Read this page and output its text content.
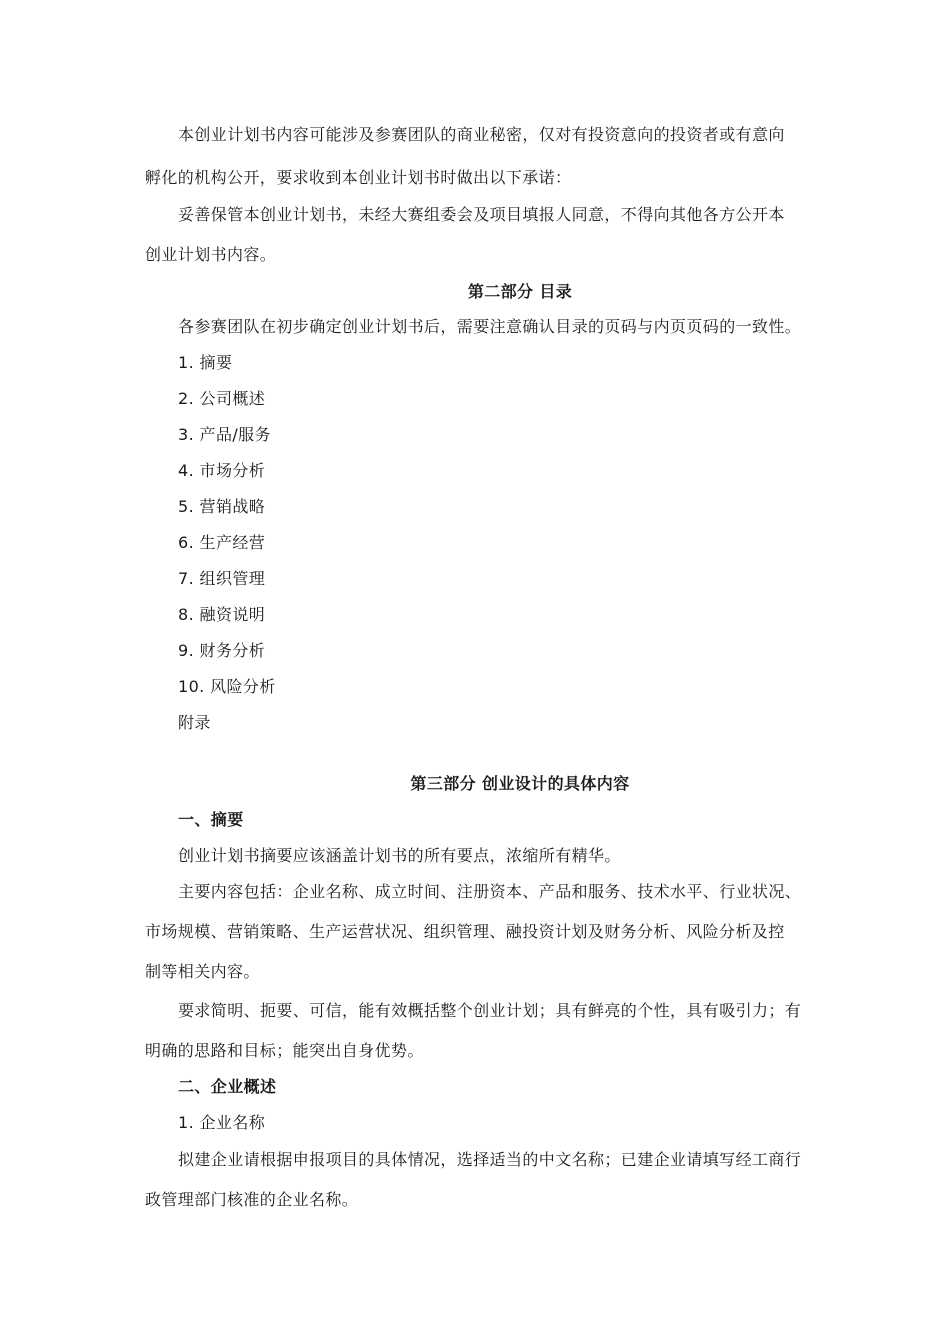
本创业计划书内容可能涉及参赛团队的商业秘密，仅对有投资意向的投资者或有意向
孵化的机构公开，要求收到本创业计划书时做出以下承诺：
妥善保管本创业计划书，未经大赛组委会及项目填报人同意，不得向其他各方公开本
创业计划书内容。
第二部分 目录
各参赛团队在初步确定创业计划书后，需要注意确认目录的页码与内页页码的一致性。
1. 摘要
2. 公司概述
3. 产品/服务
4. 市场分析
5. 营销战略
6. 生产经营
7. 组织管理
8. 融资说明
9. 财务分析
10. 风险分析
附录
第三部分 创业设计的具体内容
一、摘要
创业计划书摘要应该涵盖计划书的所有要点，浓缩所有精华。
主要内容包括：企业名称、成立时间、注册资本、产品和服务、技术水平、行业状况、
市场规模、营销策略、生产运营状况、组织管理、融投资计划及财务分析、风险分析及控
制等相关内容。
要求简明、扼要、可信，能有效概括整个创业计划；具有鲜亮的个性，具有吸引力；有
明确的思路和目标；能突出自身优势。
二、企业概述
1. 企业名称
拟建企业请根据申报项目的具体情况，选择适当的中文名称；已建企业请填写经工商行
政管理部门核准的企业名称。
